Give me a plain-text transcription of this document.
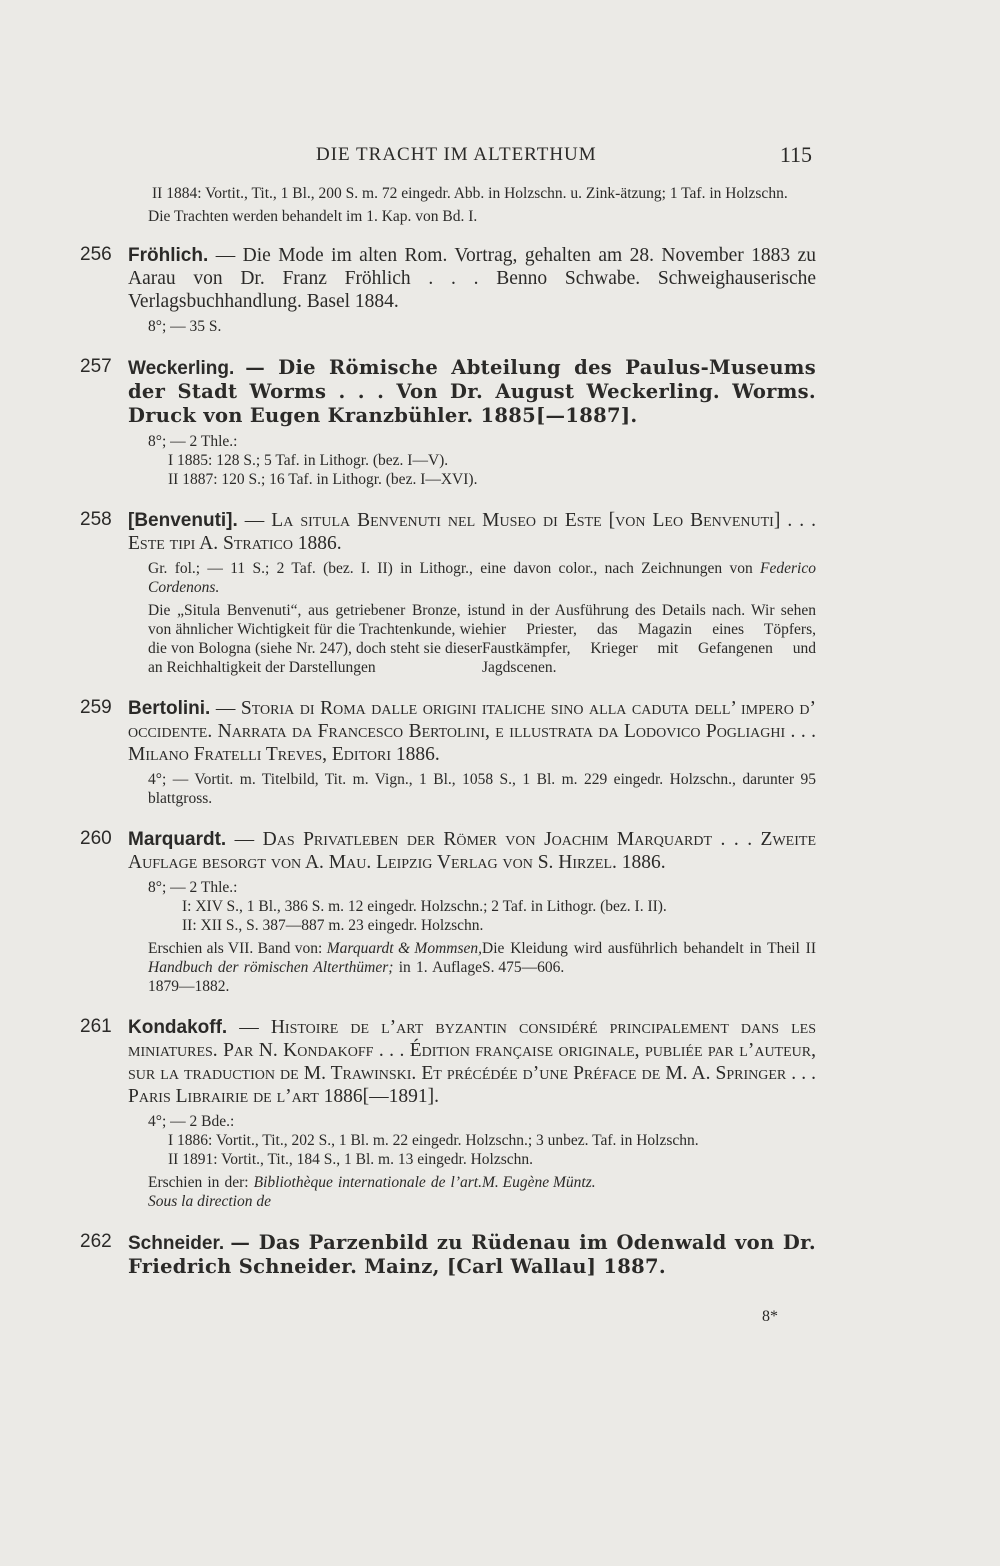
DIE TRACHT IM ALTERTHUM	115
II 1884: Vortit., Tit., 1 Bl., 200 S. m. 72 eingedr. Abb. in Holzschn. u. Zink-ätzung; 1 Taf. in Holzschn.
Die Trachten werden behandelt im 1. Kap. von Bd. I.
256 Fröhlich. — Die Mode im alten Rom. Vortrag, gehalten am 28. November 1883 zu Aarau von Dr. Franz Fröhlich . . . Benno Schwabe. Schweighauserische Verlagsbuchhandlung. Basel 1884.
8°; — 35 S.
257 Weckerling. — Die Römische Abteilung des Paulus-Museums der Stadt Worms . . . Von Dr. August Weckerling. Worms. Druck von Eugen Kranzbühler. 1885[—1887].
8°; — 2 Thle.:
I 1885: 128 S.; 5 Taf. in Lithogr. (bez. I—V).
II 1887: 120 S.; 16 Taf. in Lithogr. (bez. I—XVI).
258 [Benvenuti]. — La situla Benvenuti nel Museo di Este [von Leo Benvenuti] . . . Este tipi A. Stratico 1886.
Gr. fol.; — 11 S.; 2 Taf. (bez. I. II) in Lithogr., eine davon color., nach Zeichnungen von Federico Cordenons.
Die „Situla Benvenuti“, aus getriebener Bronze, ist von ähnlicher Wichtigkeit für die Trachtenkunde, wie die von Bologna (siehe Nr. 247), doch steht sie dieser an Reichhaltigkeit der Darstellungen
und in der Ausführung des Details nach. Wir sehen hier Priester, das Magazin eines Töpfers, Faustkämpfer, Krieger mit Gefangenen und Jagdscenen.
259 Bertolini. — Storia di Roma dalle origini italiche sino alla caduta dell’ impero d’ occidente. Narrata da Francesco Bertolini, e illustrata da Lodovico Pogliaghi . . . Milano Fratelli Treves, Editori 1886.
4°; — Vortit. m. Titelbild, Tit. m. Vign., 1 Bl., 1058 S., 1 Bl. m. 229 eingedr. Holzschn., darunter 95 blattgross.
260 Marquardt. — Das Privatleben der Römer von Joachim Marquardt . . . Zweite Auflage besorgt von A. Mau. Leipzig Verlag von S. Hirzel. 1886.
8°; — 2 Thle.:
I: XIV S., 1 Bl., 386 S. m. 12 eingedr. Holzschn.; 2 Taf. in Lithogr. (bez. I. II).
II: XII S., S. 387—887 m. 23 eingedr. Holzschn.
Erschien als VII. Band von: Marquardt & Mommsen, Handbuch der römischen Alterthümer; in 1. Auflage 1879—1882.
Die Kleidung wird ausführlich behandelt in Theil II S. 475—606.
261 Kondakoff. — Histoire de l’art byzantin considéré principalement dans les miniatures. Par N. Kondakoff . . . Édition française originale, publiée par l’auteur, sur la traduction de M. Trawinski. Et précédée d’une Préface de M. A. Springer . . . Paris Librairie de l’art 1886[—1891].
4°; — 2 Bde.:
I 1886: Vortit., Tit., 202 S., 1 Bl. m. 22 eingedr. Holzschn.; 3 unbez. Taf. in Holzschn.
II 1891: Vortit., Tit., 184 S., 1 Bl. m. 13 eingedr. Holzschn.
Erschien in der: Bibliothèque internationale de l’art. Sous la direction de
M. Eugène Müntz.
262 Schneider. — Das Parzenbild zu Rüdenau im Odenwald von Dr. Friedrich Schneider. Mainz, [Carl Wallau] 1887.
8*
